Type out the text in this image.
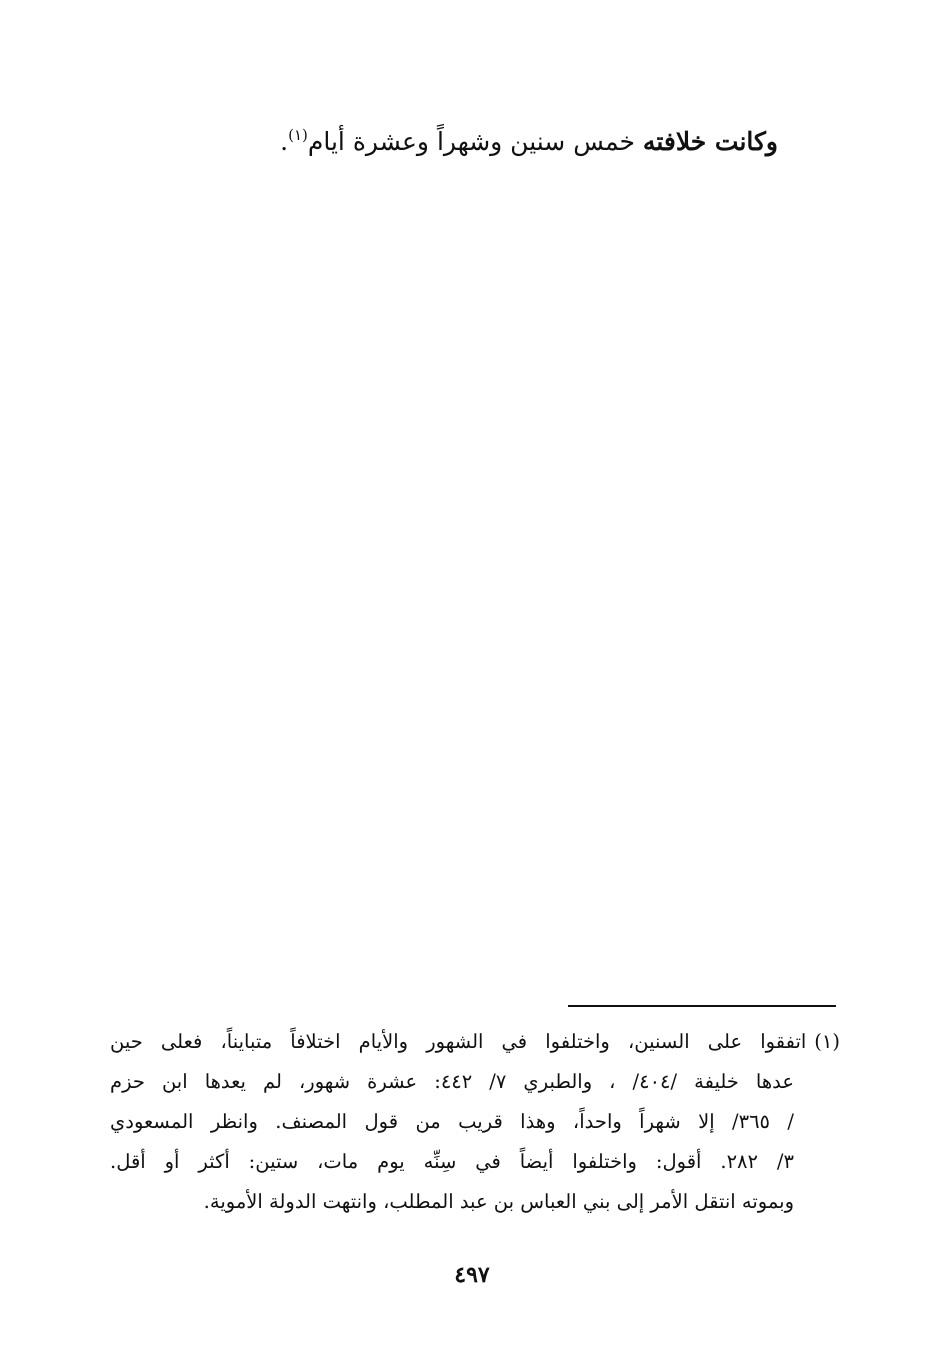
وكانت خلافته خمس سنين وشهراً وعشرة أيام$^{(١)}$.
(١)اتفقوا على السنين، واختلفوا في الشهور والأيام اختلافاً متبايناً، فعلى حين
عدها خليفة /٤٠٤/ ، والطبري ٧/ ٤٤٢: عشرة شهور، لم يعدها ابن حزم
/ ٣٦٥/ إلا شهراً واحداً، وهذا قريب من قول المصنف. وانظر المسعودي
٣/ ٢٨٢. أقول: واختلفوا أيضاً في سِنِّه يوم مات، ستين: أكثر أو أقل.
وبموته انتقل الأمر إلى بني العباس بن عبد المطلب، وانتهت الدولة الأموية.
٤٩٧
